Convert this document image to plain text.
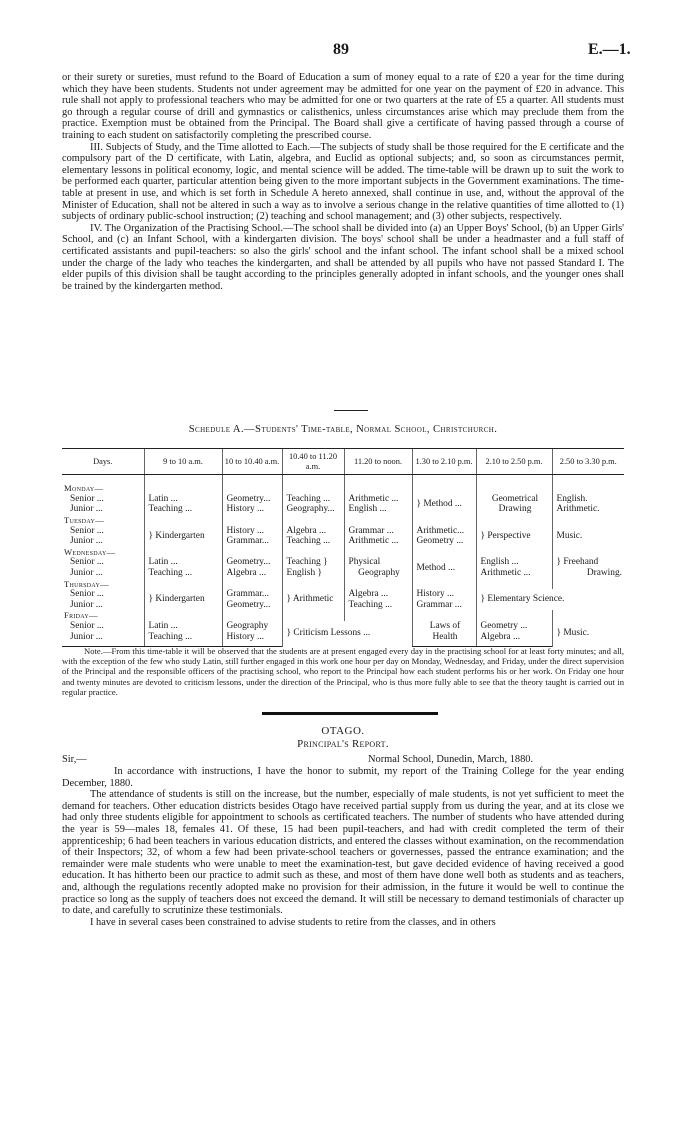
89	E.—1.

or their surety or sureties, must refund to the Board of Education a sum of money equal to a rate of £20 a year for the time during which they have been students. Students not under agreement may be admitted for one year on the payment of £20 in advance. This rule shall not apply to professional teachers who may be admitted for one or two quarters at the rate of £5 a quarter. All students must go through a regular course of drill and gymnastics or calisthenics, unless circumstances arise which may preclude them from the practice. Exemption must be obtained from the Principal. The Board shall give a certificate of having passed through a course of training to each student on satisfactorily completing the prescribed course.

III. Subjects of Study, and the Time allotted to Each.—The subjects of study shall be those required for the E certificate and the compulsory part of the D certificate, with Latin, algebra, and Euclid as optional subjects; and, so soon as circumstances permit, elementary lessons in political economy, logic, and mental science will be added. The time-table will be drawn up to suit the work to be performed each quarter, particular attention being given to the more important subjects in the Government examinations. The time-table at present in use, and which is set forth in Schedule A hereto annexed, shall continue in use, and, without the approval of the Minister of Education, shall not be altered in such a way as to involve a serious change in the relative quantities of time allotted to (1) subjects of ordinary public-school instruction; (2) teaching and school management; and (3) other subjects, respectively.

IV. The Organization of the Practising School.—The school shall be divided into (a) an Upper Boys' School, (b) an Upper Girls' School, and (c) an Infant School, with a kindergarten division. The boys' school shall be under a headmaster and a full staff of certificated assistants and pupil-teachers: so also the girls' school and the infant school. The infant school shall be a mixed school under the charge of the lady who teaches the kindergarten, and shall be attended by all pupils who have not passed Standard I. The elder pupils of this division shall be taught according to the principles generally adopted in infant schools, and the younger ones shall be trained by the kindergarten method.

Schedule A.—Students' Time-table, Normal School, Christchurch.
Days.	9 to 10 a.m.	10 to 10.40 a.m.	10.40 to 11.20 a.m.	11.20 to noon.	1.30 to 2.10 p.m.	2.10 to 2.50 p.m.	2.50 to 3.30 p.m.

Monday—							
Senior ...	Latin ...	Geometry...	Teaching ...	Arithmetic ...	} Method ...	Geometrical	English.
Junior ...	Teaching ...	History ...	Geography...	English ...		Drawing	Arithmetic.
Tuesday—							
Senior ...	} Kindergarten	History ...	Algebra ...	Grammar ...	Arithmetic...	} Perspective	Music.
Junior ...		Grammar...	Teaching ...	Arithmetic ...	Geometry ...		
Wednesday—							
Senior ...	Latin ...	Geometry...	Teaching }	Physical	Method ...	English ...	} Freehand
Junior ...	Teaching ...	Algebra ...	English }	Geography		Arithmetic ...	Drawing.
Thursday—							
Senior ...	} Kindergarten	Grammar...	} Arithmetic	Algebra ...	History ...	} Elementary Science.	
Junior ...		Geometry...		Teaching ...	Grammar ...		
Friday—							
Senior ...	Latin ...	Geography	} Criticism Lessons ...		Laws of	Geometry ...	} Music.
Junior ...	Teaching ...	History ...			Health	Algebra ...	

Note.—From this time-table it will be observed that the students are at present engaged every day in the practising school for at least forty minutes; and all, with the exception of the few who study Latin, still further engaged in this work one hour per day on Monday, Wednesday, and Friday, under the direct supervision of the Principal and the responsible officers of the practising school, who report to the Principal how each student performs his or her work. On Friday one hour and twenty minutes are devoted to criticism lessons, under the direction of the Principal, who is thus more fully able to see that the theory taught is carried out in regular practice.

OTAGO.
Principal's Report.
Sir,—	Normal School, Dunedin, March, 1880.

In accordance with instructions, I have the honor to submit, my report of the Training College for the year ending December, 1880.

The attendance of students is still on the increase, but the number, especially of male students, is not yet sufficient to meet the demand for teachers. Other education districts besides Otago have received partial supply from us during the year, and at its close we had only three students eligible for appointment to schools as certificated teachers. The number of students who have attended during the year is 59—males 18, females 41. Of these, 15 had been pupil-teachers, and had with credit completed the term of their apprenticeship; 6 had been teachers in various education districts, and entered the classes without examination, on the recommendation of their Inspectors; 32, of whom a few had been private-school teachers or governesses, passed the entrance examination; and the remainder were male students who were unable to meet the examination-test, but gave decided evidence of having received a good education. It has hitherto been our practice to admit such as these, and most of them have done well both as students and as teachers, and, although the regulations recently adopted make no provision for their admission, in the future it would be well to continue the practice so long as the supply of teachers does not exceed the demand. It will still be necessary to demand testimonials of character up to date, and carefully to scrutinize these testimonials.

I have in several cases been constrained to advise students to retire from the classes, and in others
